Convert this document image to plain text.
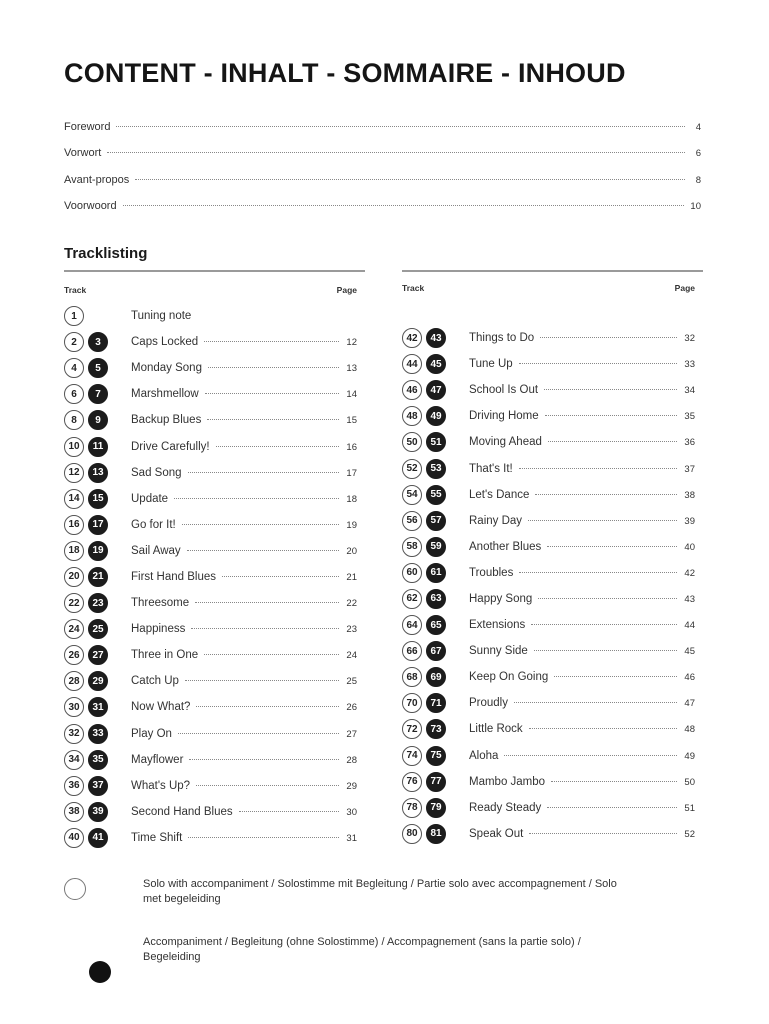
CONTENT - INHALT - SOMMAIRE - INHOUD
Foreword	4
Vorwort	6
Avant-propos	8
Voorwoord	10
Tracklisting
Track	Page
1	Tuning note
2	3	Caps Locked	12
4	5	Monday Song	13
6	7	Marshmellow	14
8	9	Backup Blues	15
10	11	Drive Carefully!	16
12	13	Sad Song	17
14	15	Update	18
16	17	Go for It!	19
18	19	Sail Away	20
20	21	First Hand Blues	21
22	23	Threesome	22
24	25	Happiness	23
26	27	Three in One	24
28	29	Catch Up	25
30	31	Now What?	26
32	33	Play On	27
34	35	Mayflower	28
36	37	What's Up?	29
38	39	Second Hand Blues	30
40	41	Time Shift	31
Track	Page
42	43	Things to Do	32
44	45	Tune Up	33
46	47	School Is Out	34
48	49	Driving Home	35
50	51	Moving Ahead	36
52	53	That's It!	37
54	55	Let's Dance	38
56	57	Rainy Day	39
58	59	Another Blues	40
60	61	Troubles	42
62	63	Happy Song	43
64	65	Extensions	44
66	67	Sunny Side	45
68	69	Keep On Going	46
70	71	Proudly	47
72	73	Little Rock	48
74	75	Aloha	49
76	77	Mambo Jambo	50
78	79	Ready Steady	51
80	81	Speak Out	52
Solo with accompaniment / Solostimme mit Begleitung / Partie solo avec accompagnement / Solo met begeleiding
Accompaniment / Begleitung (ohne Solostimme) / Accompagnement (sans la partie solo) / Begeleiding
